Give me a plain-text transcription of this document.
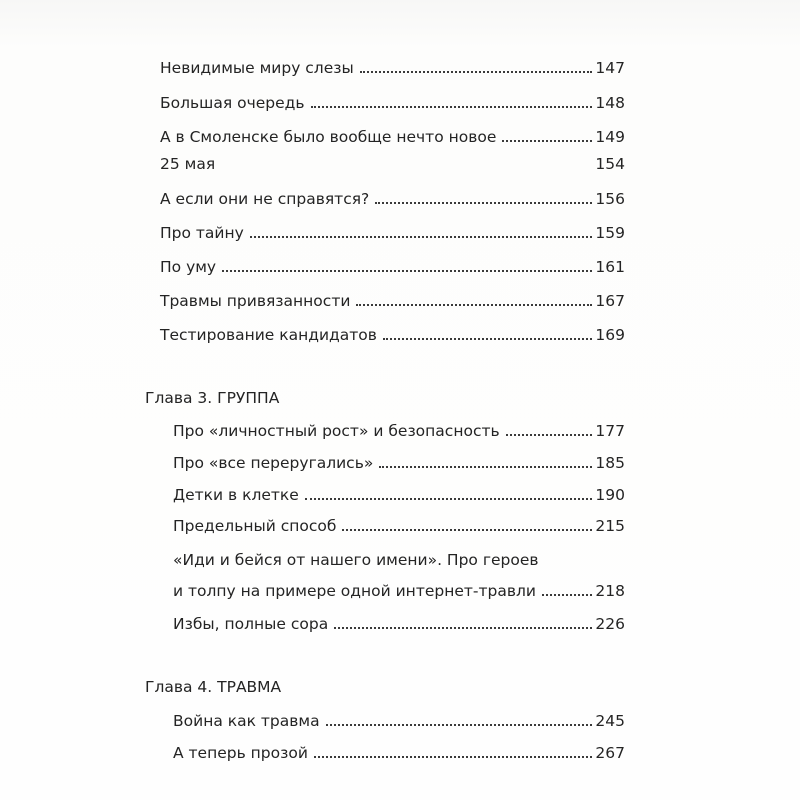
Невидимые миру слезы	147
Большая очередь	148
А в Смоленске было вообще нечто новое	149
25 мая	154
А если они не справятся?	156
Про тайну	159
По уму	161
Травмы привязанности	167
Тестирование кандидатов	169
Глава 3. ГРУППА
Про «личностный рост» и безопасность	177
Про «все переругались»	185
Детки в клетке	190
Предельный способ	215
«Иди и бейся от нашего имени». Про героев
и толпу на примере одной интернет-травли	218
Избы, полные сора	226
Глава 4. ТРАВМА
Война как травма	245
А теперь прозой	267
